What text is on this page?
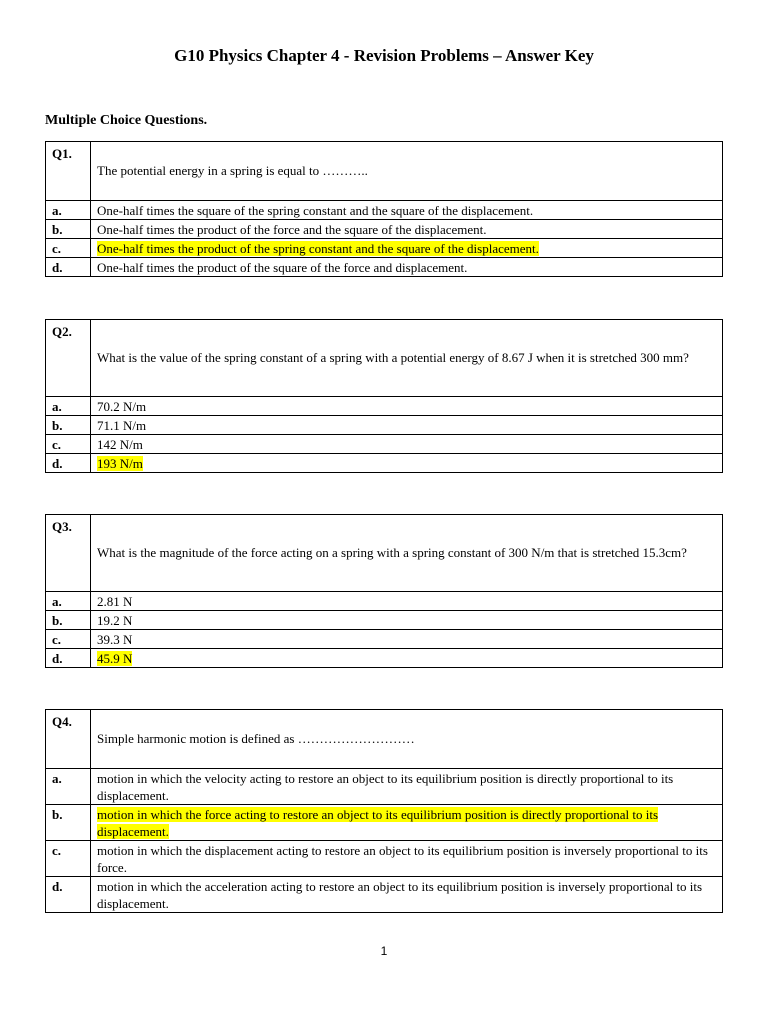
G10 Physics Chapter 4 - Revision Problems – Answer Key
Multiple Choice Questions.
Q1.	The potential energy in a spring is equal to ………..
a.	One-half times the square of the spring constant and the square of the displacement.
b.	One-half times the product of the force and the square of the displacement.
c.	One-half times the product of the spring constant and the square of the displacement.
d.	One-half times the product of the square of the force and displacement.
Q2.	What is the value of the spring constant of a spring with a potential energy of 8.67 J when it is stretched 300 mm?
a.	70.2 N/m
b.	71.1 N/m
c.	142 N/m
d.	193 N/m
Q3.	What is the magnitude of the force acting on a spring with a spring constant of 300 N/m that is stretched 15.3cm?
a.	2.81 N
b.	19.2 N
c.	39.3 N
d.	45.9 N
Q4.	Simple harmonic motion is defined as ………………………
a.	motion in which the velocity acting to restore an object to its equilibrium position is directly proportional to its displacement.
b.	motion in which the force acting to restore an object to its equilibrium position is directly proportional to its displacement.
c.	motion in which the displacement acting to restore an object to its equilibrium position is inversely proportional to its force.
d.	motion in which the acceleration acting to restore an object to its equilibrium position is inversely proportional to its displacement.
1
